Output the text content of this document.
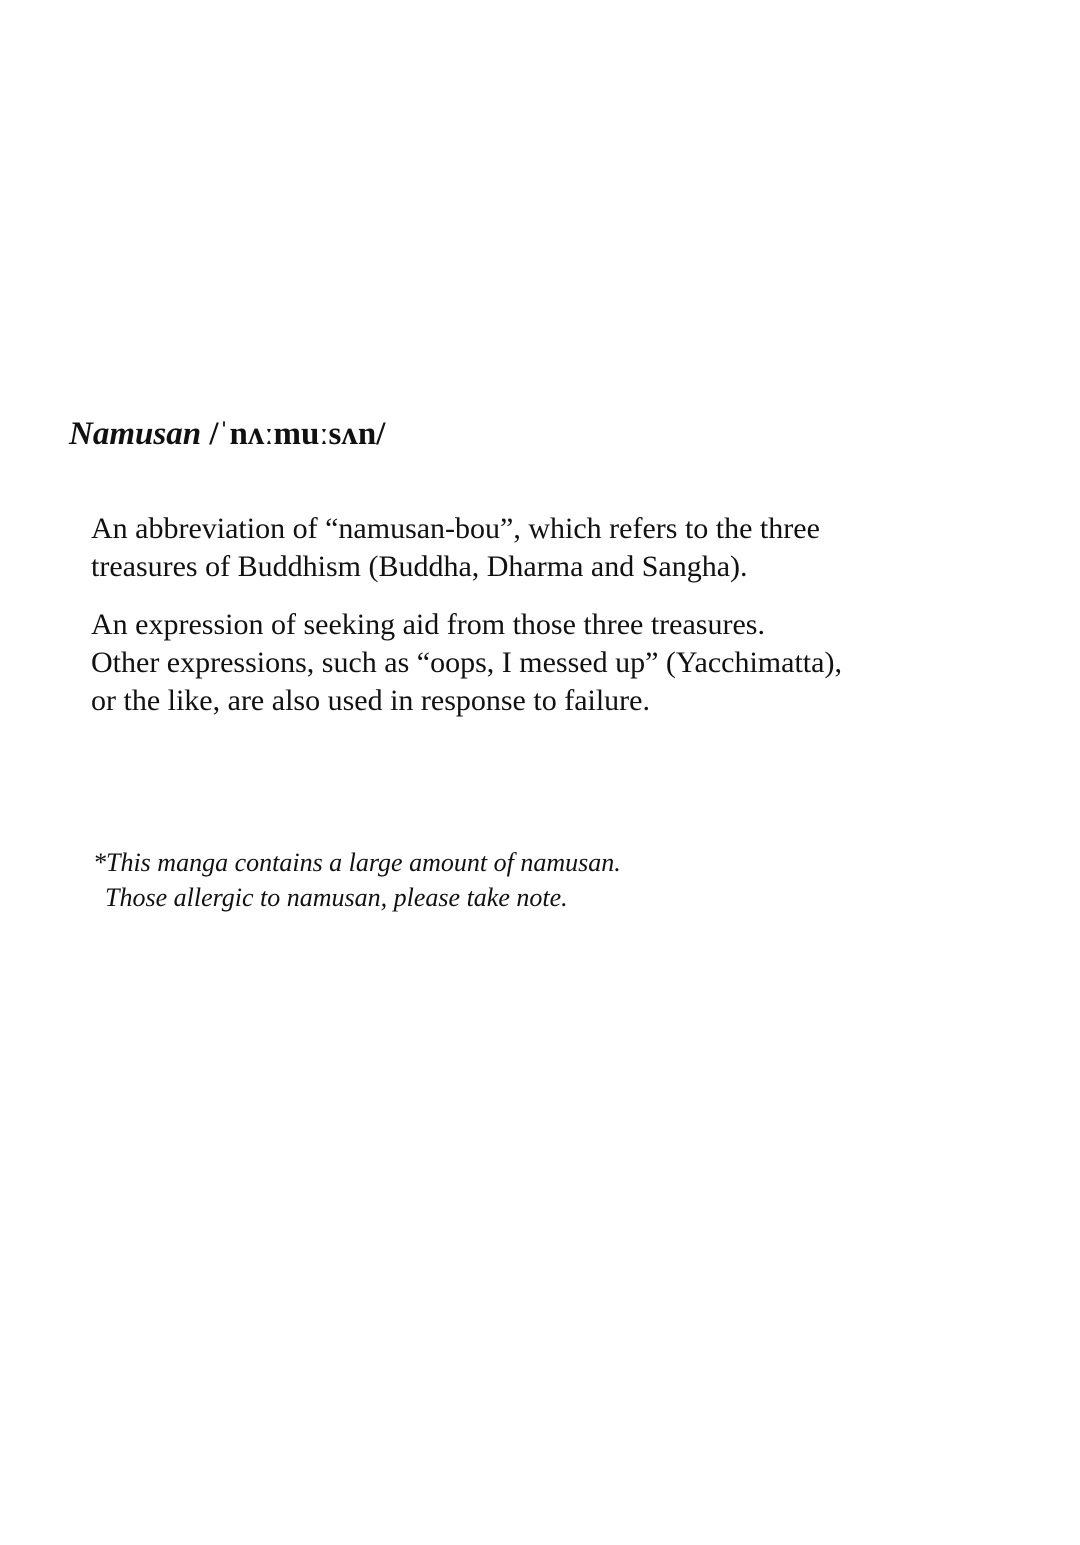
Namusan /ˈnʌːmuːsʌn/

An abbreviation of “namusan-bou”, which refers to the three

treasures of Buddhism (Buddha, Dharma and Sangha).

An expression of seeking aid from those three treasures.

Other expressions, such as “oops, I messed up” (Yacchimatta),

or the like, are also used in response to failure.

*This manga contains a large amount of namusan.

Those allergic to namusan, please take note.
